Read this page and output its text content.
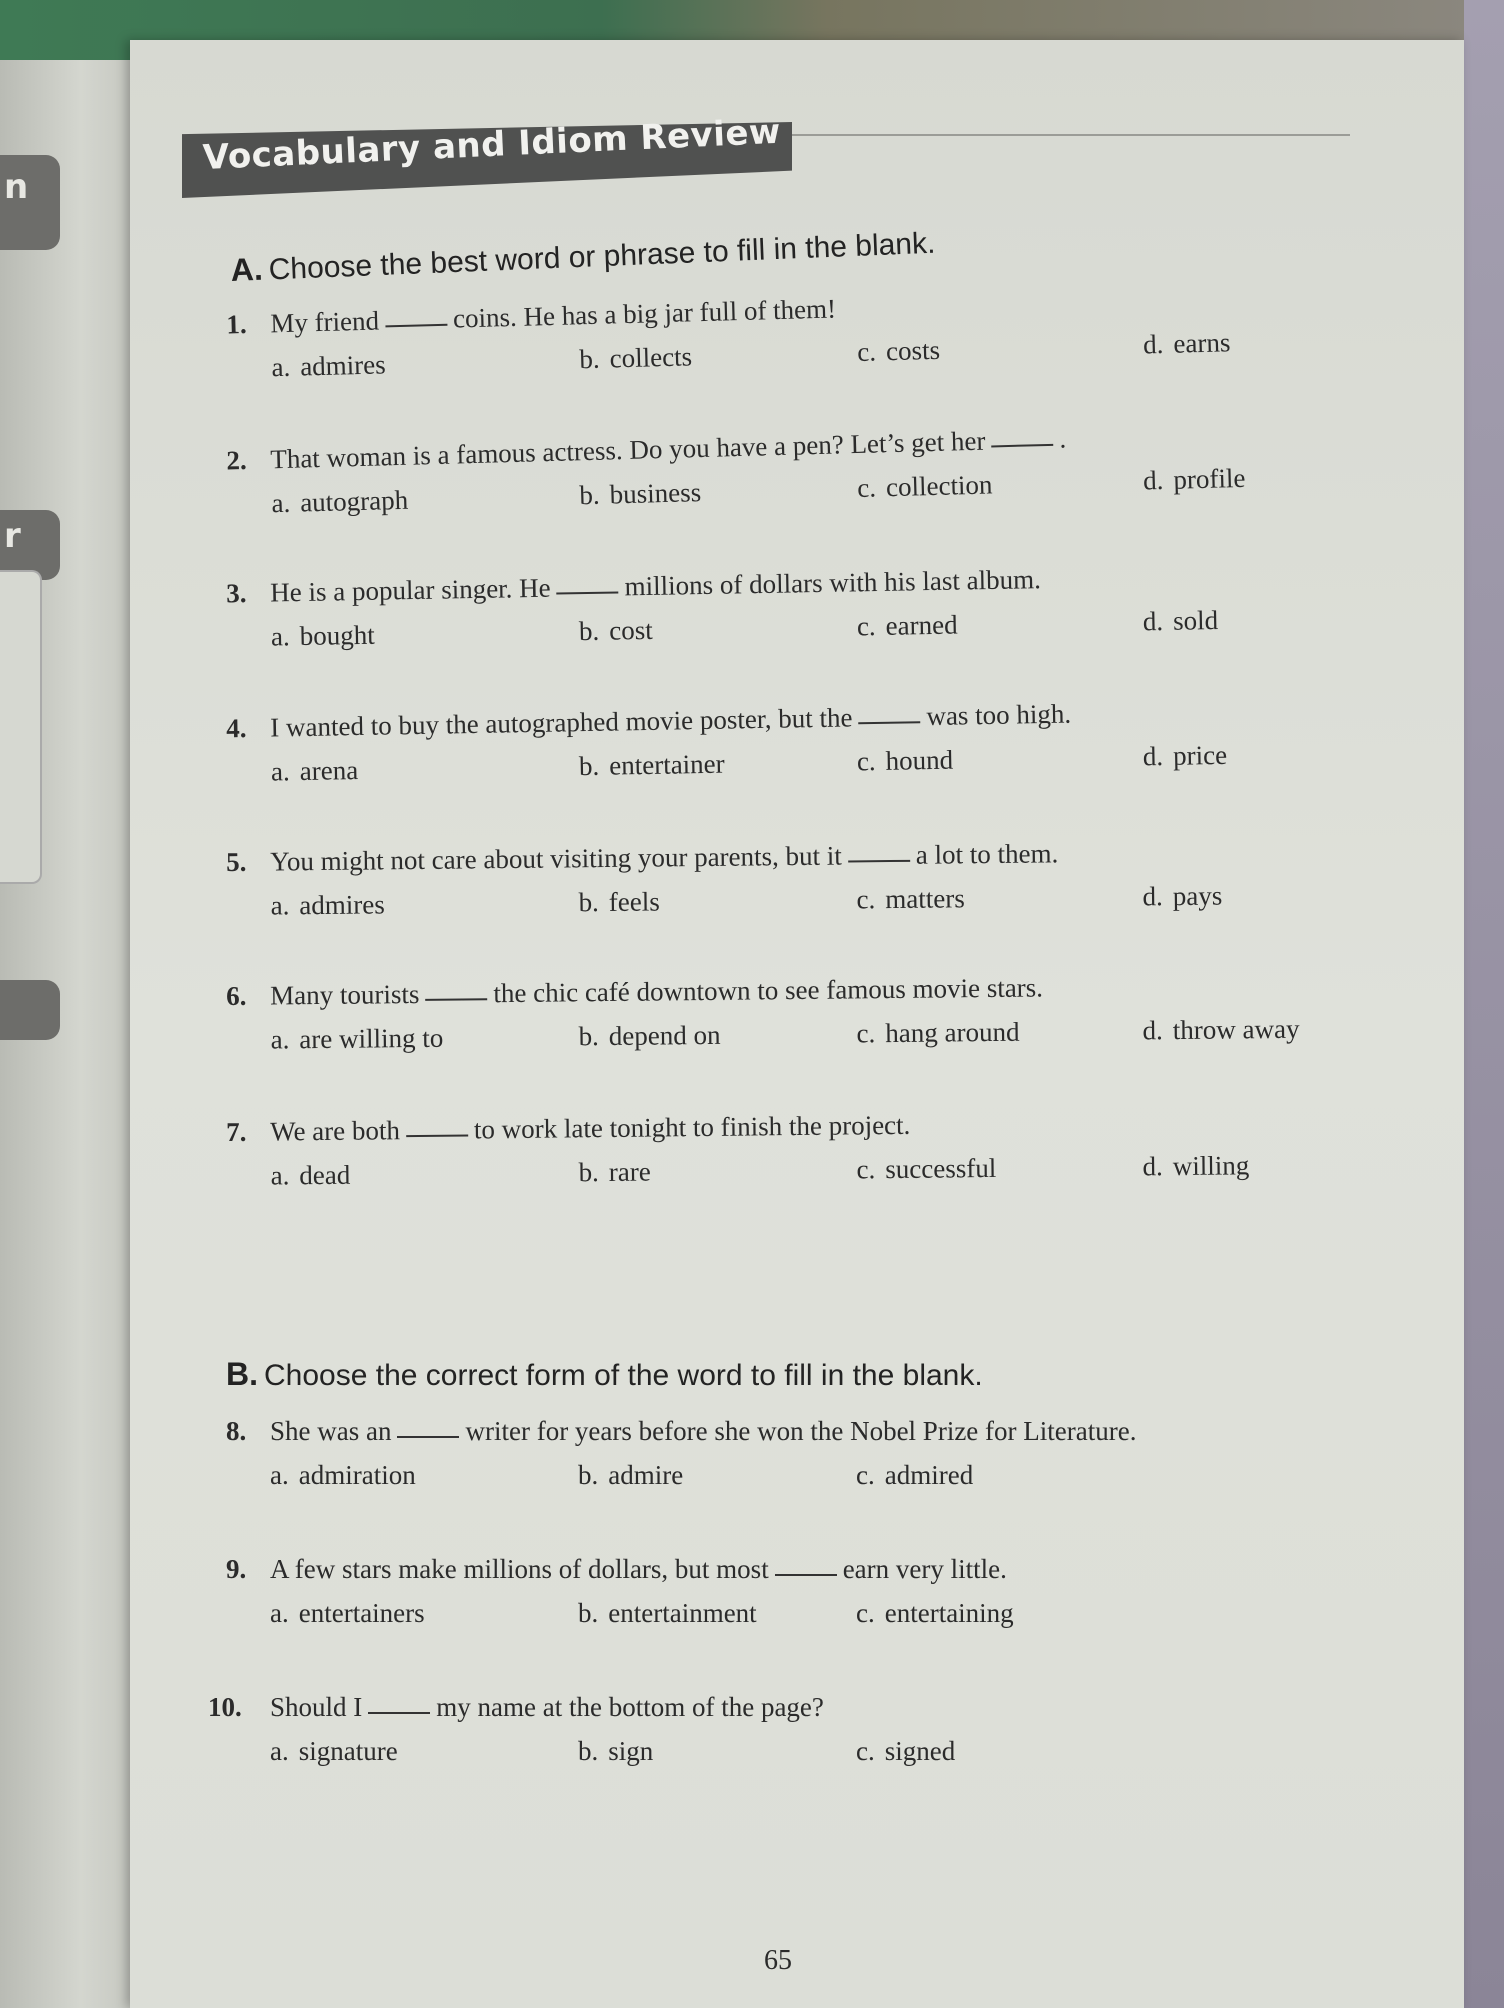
n
r
Vocabulary and Idiom Review
A. Choose the best word or phrase to fill in the blank.
1. My friend	coins. He has a big jar full of them!
a. admires	b. collects	c. costs	d. earns
2. That woman is a famous actress. Do you have a pen? Let’s get her	.
a. autograph	b. business	c. collection	d. profile
3. He is a popular singer. He	millions of dollars with his last album.
a. bought	b. cost	c. earned	d. sold
4. I wanted to buy the autographed movie poster, but the	was too high.
a. arena	b. entertainer	c. hound	d. price
5. You might not care about visiting your parents, but it	a lot to them.
a. admires	b. feels	c. matters	d. pays
6. Many tourists	the chic café downtown to see famous movie stars.
a. are willing to	b. depend on	c. hang around	d. throw away
7. We are both	to work late tonight to finish the project.
a. dead	b. rare	c. successful	d. willing
B. Choose the correct form of the word to fill in the blank.
8. She was an	writer for years before she won the Nobel Prize for Literature.
a. admiration	b. admire	c. admired
9. A few stars make millions of dollars, but most	earn very little.
a. entertainers	b. entertainment	c. entertaining
10. Should I	my name at the bottom of the page?
a. signature	b. sign	c. signed
65
